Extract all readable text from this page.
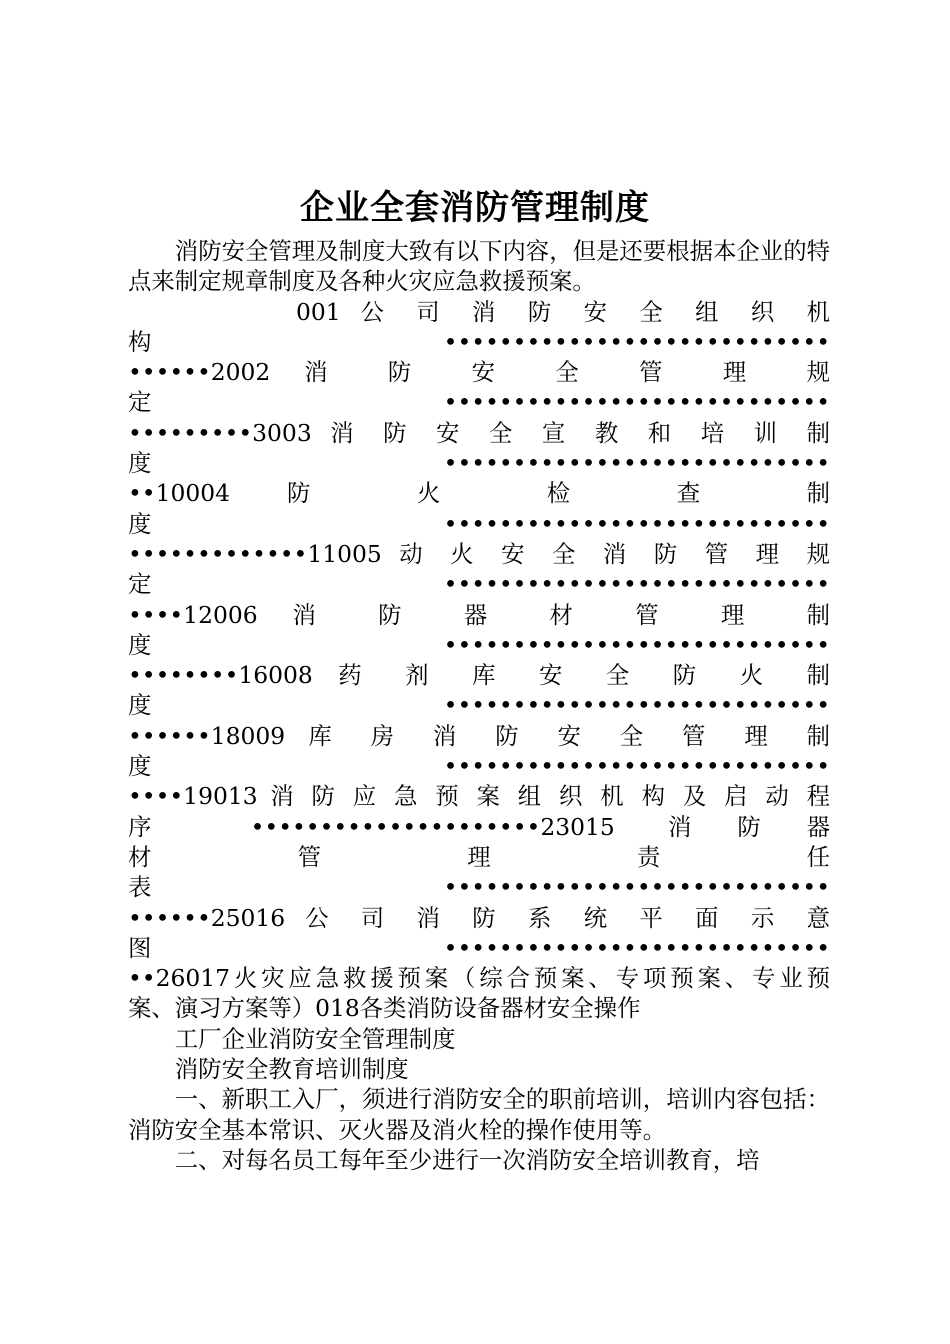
企业全套消防管理制度

消防安全管理及制度大致有以下内容，但是还要根据本企业的特点来制定规章制度及各种火灾应急救援预案。

001 公 司 消 防 安 全 组 织 机

构 ••••••••••••••••••••••••••••

••••••2002 消 防 安 全 管 理 规

定 ••••••••••••••••••••••••••••

•••••••••3003 消 防 安 全 宣 教 和 培 训 制

度 ••••••••••••••••••••••••••••

••10004 防 火 检 查 制

度 ••••••••••••••••••••••••••••

•••••••••••••11005 动 火 安 全 消 防 管 理 规

定 ••••••••••••••••••••••••••••

••••12006 消 防 器 材 管 理 制

度 ••••••••••••••••••••••••••••

••••••••16008 药 剂 库 安 全 防 火 制

度 ••••••••••••••••••••••••••••

••••••18009 库 房 消 防 安 全 管 理 制

度 ••••••••••••••••••••••••••••

••••19013 消 防 应 急 预 案 组 织 机 构 及 启 动 程

序 •••••••••••••••••••••23015 消防器

材 管 理 责 任

表 ••••••••••••••••••••••••••••

••••••25016 公 司 消 防 系 统 平 面 示 意

图 ••••••••••••••••••••••••••••

••26017火灾应急救援预案（综合预案、专项预案、专业预

案、演习方案等）018各类消防设备器材安全操作

工厂企业消防安全管理制度

消防安全教育培训制度

一、新职工入厂，须进行消防安全的职前培训，培训内容包括：消防安全基本常识、灭火器及消火栓的操作使用等。

二、对每名员工每年至少进行一次消防安全培训教育，培
